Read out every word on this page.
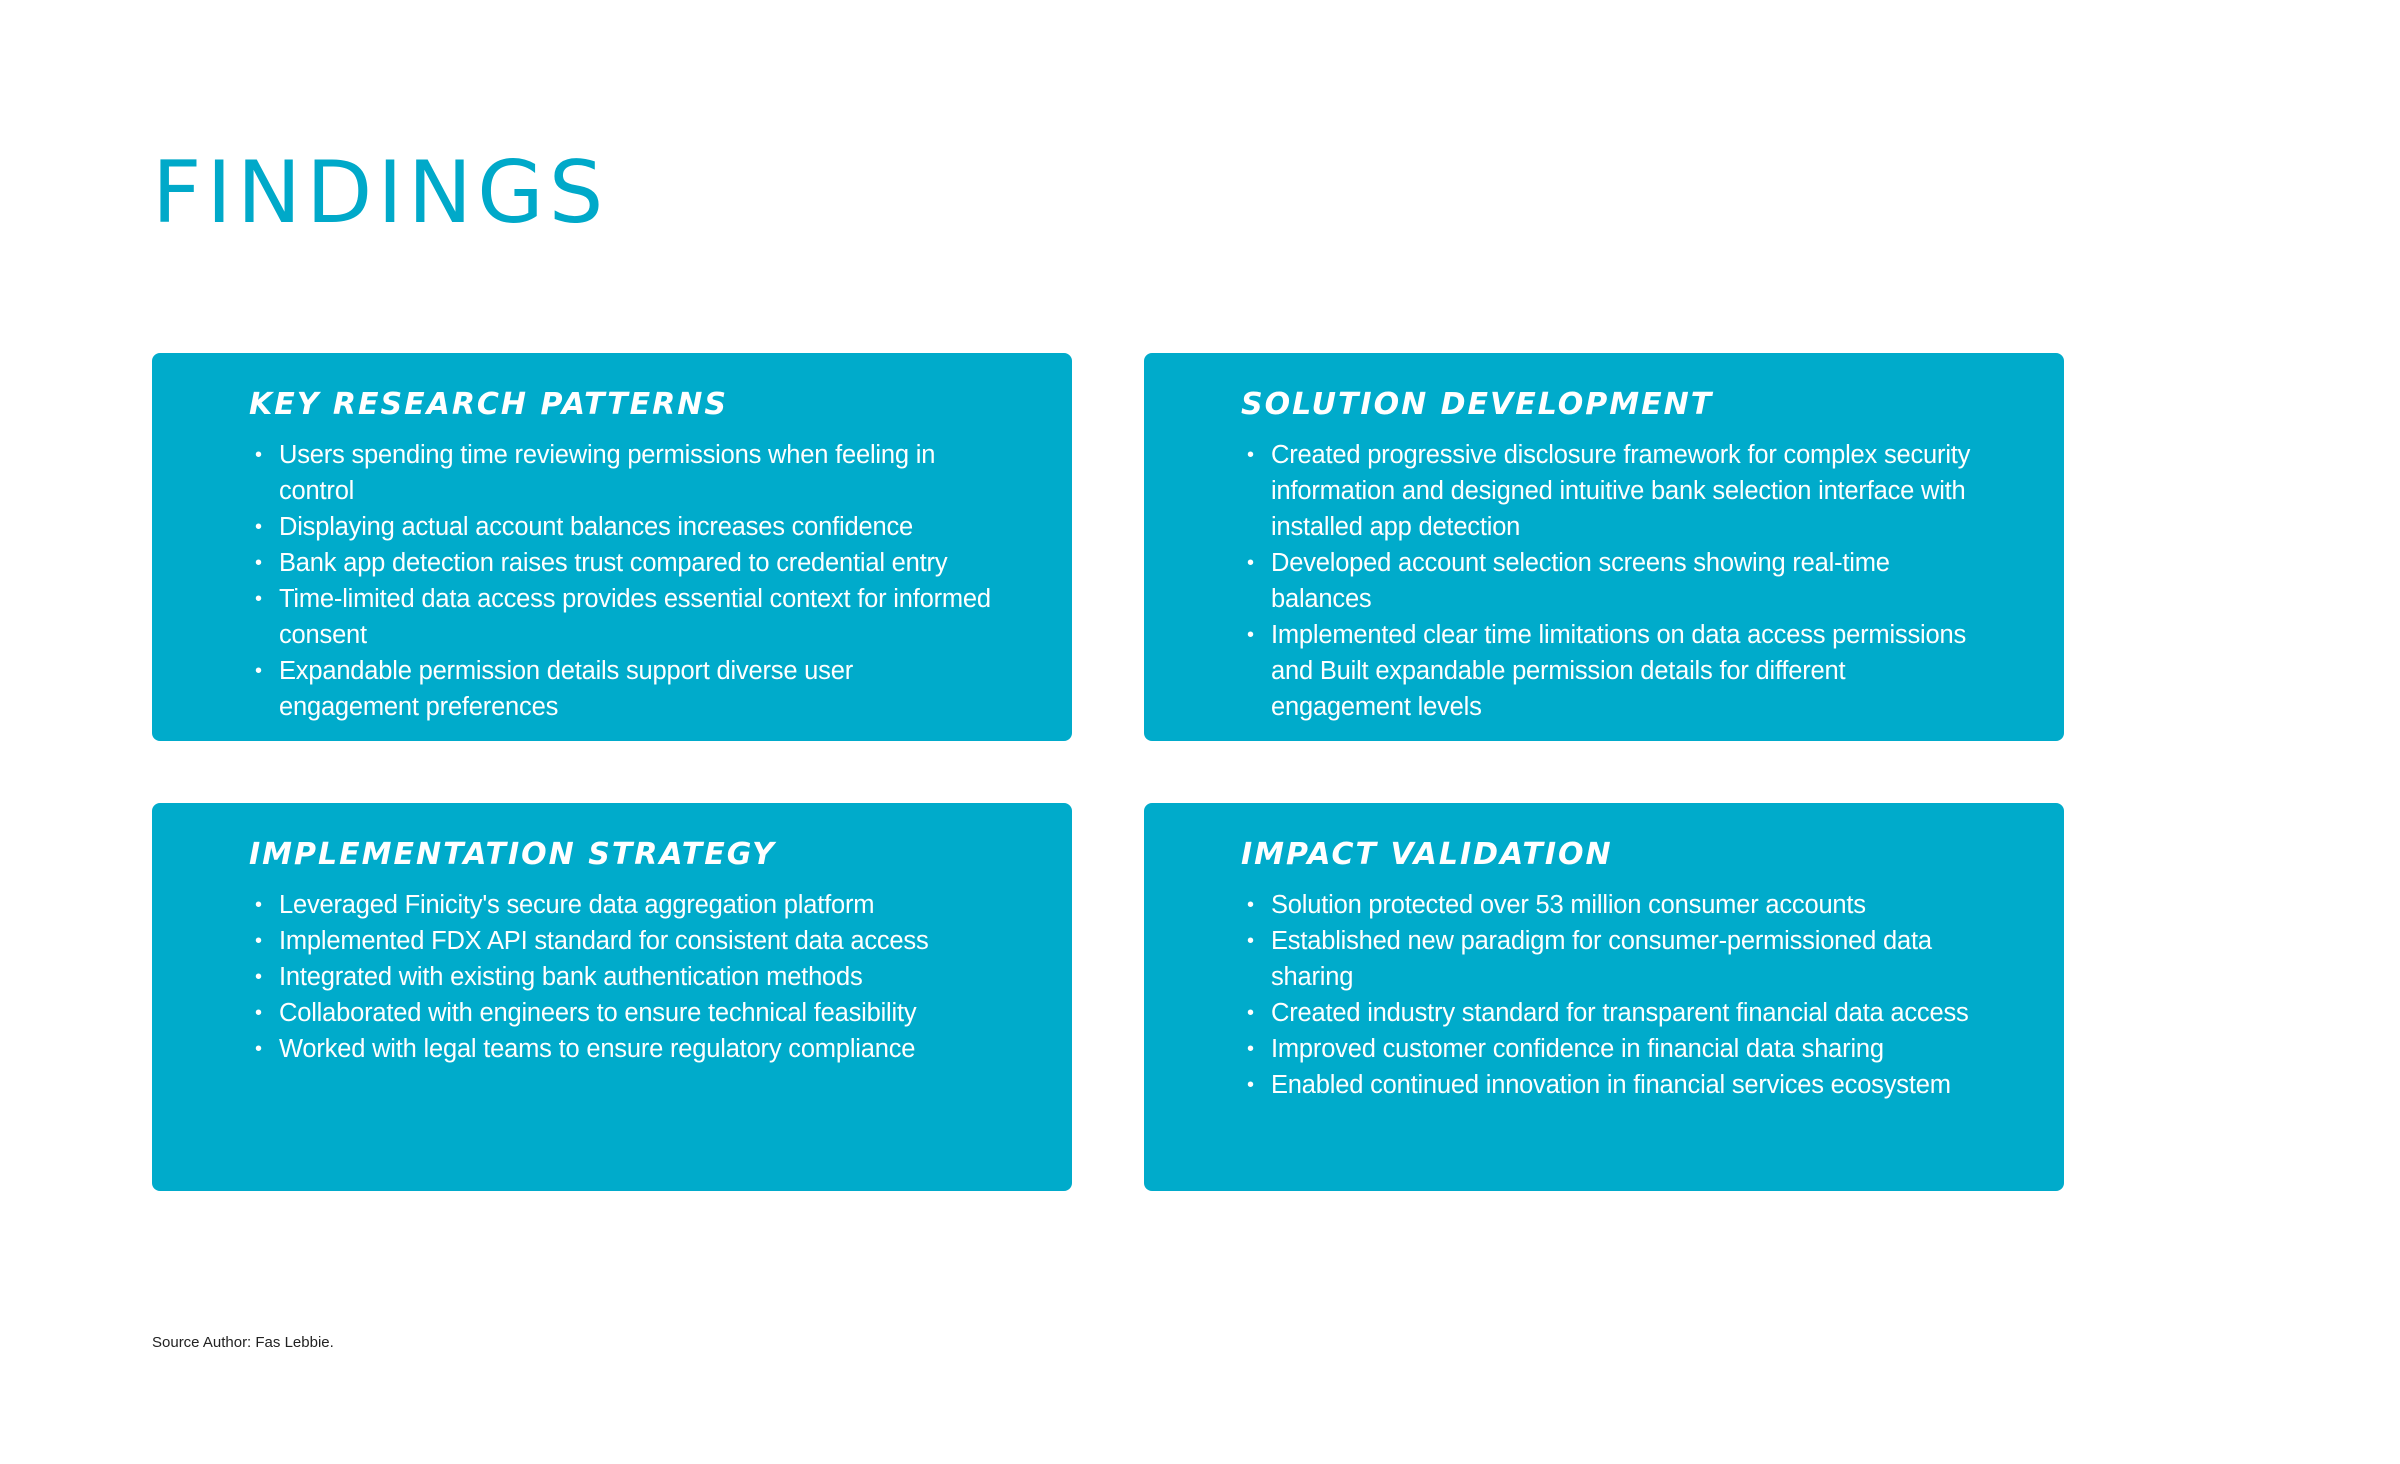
FINDINGS
KEY RESEARCH PATTERNS
• Users spending time reviewing permissions when feeling in control
• Displaying actual account balances increases confidence
• Bank app detection raises trust compared to credential entry
• Time-limited data access provides essential context for informed consent
• Expandable permission details support diverse user engagement preferences
SOLUTION DEVELOPMENT
• Created progressive disclosure framework for complex security information and designed intuitive bank selection interface with installed app detection
• Developed account selection screens showing real-time balances
• Implemented clear time limitations on data access permissions and Built expandable permission details for different engagement levels
IMPLEMENTATION STRATEGY
• Leveraged Finicity's secure data aggregation platform
• Implemented FDX API standard for consistent data access
• Integrated with existing bank authentication methods
• Collaborated with engineers to ensure technical feasibility
• Worked with legal teams to ensure regulatory compliance
IMPACT VALIDATION
• Solution protected over 53 million consumer accounts
• Established new paradigm for consumer-permissioned data sharing
• Created industry standard for transparent financial data access
• Improved customer confidence in financial data sharing
• Enabled continued innovation in financial services ecosystem

Source Author: Fas Lebbie.
